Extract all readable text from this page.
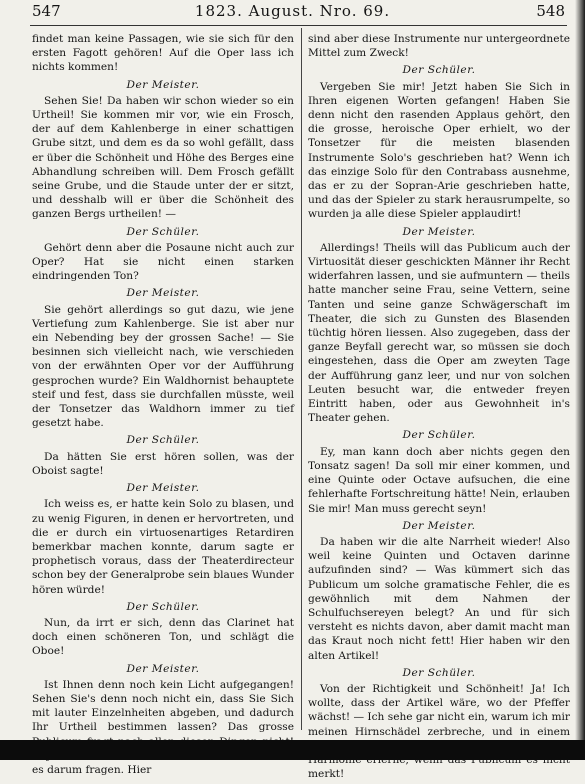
547	1823. August. Nro. 69.	548
findet man keine Passagen, wie sie sich für den ersten Fagott gehören! Auf die Oper lass ich nichts kommen!
Der Meister.
Sehen Sie! Da haben wir schon wieder so ein Urtheil! Sie kommen mir vor, wie ein Frosch, der auf dem Kahlenberge in einer schattigen Grube sitzt, und dem es da so wohl gefällt, dass er über die Schönheit und Höhe des Berges eine Abhandlung schreiben will. Dem Frosch gefällt seine Grube, und die Staude unter der er sitzt, und desshalb will er über die Schönheit des ganzen Bergs urtheilen! —
Der Schüler.
Gehört denn aber die Posaune nicht auch zur Oper? Hat sie nicht einen starken eindringenden Ton?
Der Meister.
Sie gehört allerdings so gut dazu, wie jene Vertiefung zum Kahlenberge. Sie ist aber nur ein Nebending bey der grossen Sache! — Sie besinnen sich vielleicht nach, wie verschieden von der erwähnten Oper vor der Aufführung gesprochen wurde? Ein Waldhornist behauptete steif und fest, dass sie durchfallen müsste, weil der Tonsetzer das Waldhorn immer zu tief gesetzt habe.
Der Schüler.
Da hätten Sie erst hören sollen, was der Oboist sagte!
Der Meister.
Ich weiss es, er hatte kein Solo zu blasen, und zu wenig Figuren, in denen er hervortreten, und die er durch ein virtuosenartiges Retardiren bemerkbar machen konnte, darum sagte er prophetisch voraus, dass der Theaterdirecteur schon bey der Generalprobe sein blaues Wunder hören würde!
Der Schüler.
Nun, da irrt er sich, denn das Clarinet hat doch einen schöneren Ton, und schlägt die Oboe!
Der Meister.
Ist Ihnen denn noch kein Licht aufgegangen! Sehen Sie's denn noch nicht ein, dass Sie Sich mit lauter Einzelnheiten abgeben, und dadurch Ihr Urtheil bestimmen lassen? Das grosse es darum fragen. Hier
sind aber diese Instrumente nur untergeordnete Mittel zum Zweck!
Der Schüler.
Vergeben Sie mir! Jetzt haben Sie Sich in Ihren eigenen Worten gefangen! Haben Sie denn nicht den rasenden Applaus gehört, den die grosse, heroische Oper erhielt, wo der Tonsetzer für die meisten blasenden Instrumente Solo's geschrieben hat? Wenn ich das einzige Solo für den Contrabass ausnehme, das er zu der Sopran-Arie geschrieben hatte, und das der Spieler zu stark herausrumpelte, so wurden ja alle diese Spieler applaudirt!
Der Meister.
Allerdings! Theils will das Publicum auch der Virtuosität dieser geschickten Männer ihr Recht widerfahren lassen, und sie aufmuntern — theils hatte mancher seine Frau, seine Vettern, seine Tanten und seine ganze Schwägerschaft im Theater, die sich zu Gunsten des Blasenden tüchtig hören liessen. Also zugegeben, dass der ganze Beyfall gerecht war, so müssen sie doch eingestehen, dass die Oper am zweyten Tage der Aufführung ganz leer, und nur von solchen Leuten besucht war, die entweder freyen Eintritt haben, oder aus Gewohnheit in's Theater gehen.
Der Schüler.
Ey, man kann doch aber nichts gegen den Tonsatz sagen! Da soll mir einer kommen, und eine Quinte oder Octave aufsuchen, die eine fehlerhafte Fortschreitung hätte! Nein, erlauben Sie mir! Man muss gerecht seyn!
Der Meister.
Da haben wir die alte Narrheit wieder! Also weil keine Quinten und Octaven darinne aufzufinden sind? — Was kümmert sich das Publicum um solche gramatische Fehler, die es gewöhnlich mit dem Nahmen der Schulfuchsereyen belegt? An und für sich versteht es nichts davon, aber damit macht man das Kraut noch nicht fett! Hier haben wir den alten Artikel!
Der Schüler.
Von der Richtigkeit und Schönheit! Ja! Ich wollte, dass der Artikel wäre, wo der Pfeffer wächst! — Ich sehe gar nicht ein, warum ich mir meinen Hirnschädel zerbreche, und in einem merkt!
